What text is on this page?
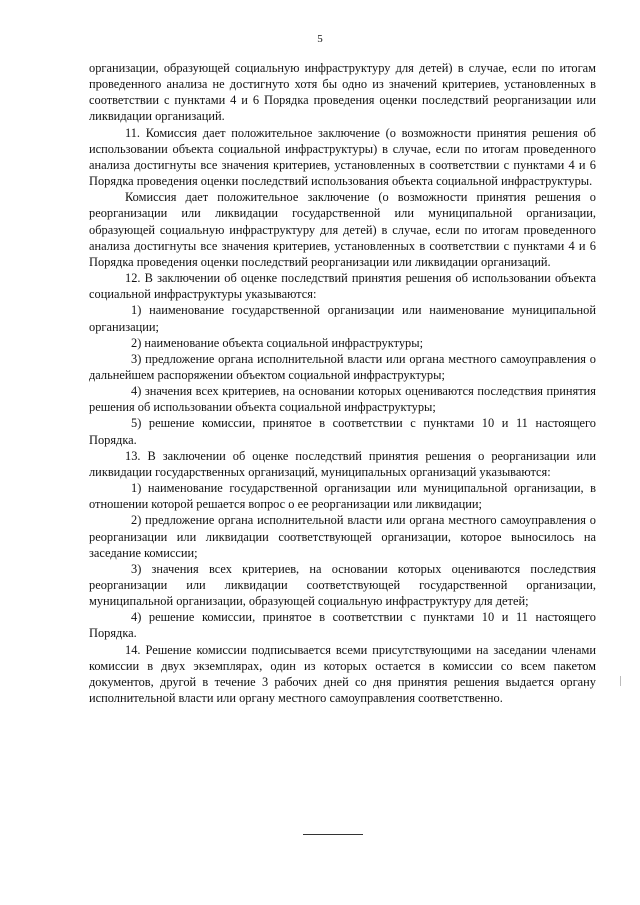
5

организации, образующей социальную инфраструктуру для детей) в случае, если по итогам проведенного анализа не достигнуто хотя бы одно из значений критериев, установленных в соответствии с пунктами 4 и 6 Порядка проведения оценки последствий реорганизации или ликвидации организаций.

11. Комиссия дает положительное заключение (о возможности принятия решения об использовании объекта социальной инфраструктуры) в случае, если по итогам проведенного анализа достигнуты все значения критериев, установленных в соответствии с пунктами 4 и 6 Порядка проведения оценки последствий использования объекта социальной инфраструктуры.

Комиссия дает положительное заключение (о возможности принятия решения о реорганизации или ликвидации государственной или муниципальной организации, образующей социальную инфраструктуру для детей) в случае, если по итогам проведенного анализа достигнуты все значения критериев, установленных в соответствии с пунктами 4 и 6 Порядка проведения оценки последствий реорганизации или ликвидации организаций.

12. В заключении об оценке последствий принятия решения об использовании объекта социальной инфраструктуры указываются:

1) наименование государственной организации или наименование муниципальной организации;

2) наименование объекта социальной инфраструктуры;

3) предложение органа исполнительной власти или органа местного самоуправления о дальнейшем распоряжении объектом социальной инфраструктуры;

4) значения всех критериев, на основании которых оцениваются последствия принятия решения об использовании объекта социальной инфраструктуры;

5) решение комиссии, принятое в соответствии с пунктами 10 и 11 настоящего Порядка.

13. В заключении об оценке последствий принятия решения о реорганизации или ликвидации государственных организаций, муниципальных организаций указываются:

1) наименование государственной организации или муниципальной организации, в отношении которой решается вопрос о ее реорганизации или ликвидации;

2) предложение органа исполнительной власти или органа местного самоуправления о реорганизации или ликвидации соответствующей организации, которое выносилось на заседание комиссии;

3) значения всех критериев, на основании которых оцениваются последствия реорганизации или ликвидации соответствующей государственной организации, муниципальной организации, образующей социальную инфраструктуру для детей;

4) решение комиссии, принятое в соответствии с пунктами 10 и 11 настоящего Порядка.

14. Решение комиссии подписывается всеми присутствующими на заседании членами комиссии в двух экземплярах, один из которых остается в комиссии со всем пакетом документов, другой в течение 3 рабочих дней со дня принятия решения выдается органу исполнительной власти или органу местного самоуправления соответственно.
